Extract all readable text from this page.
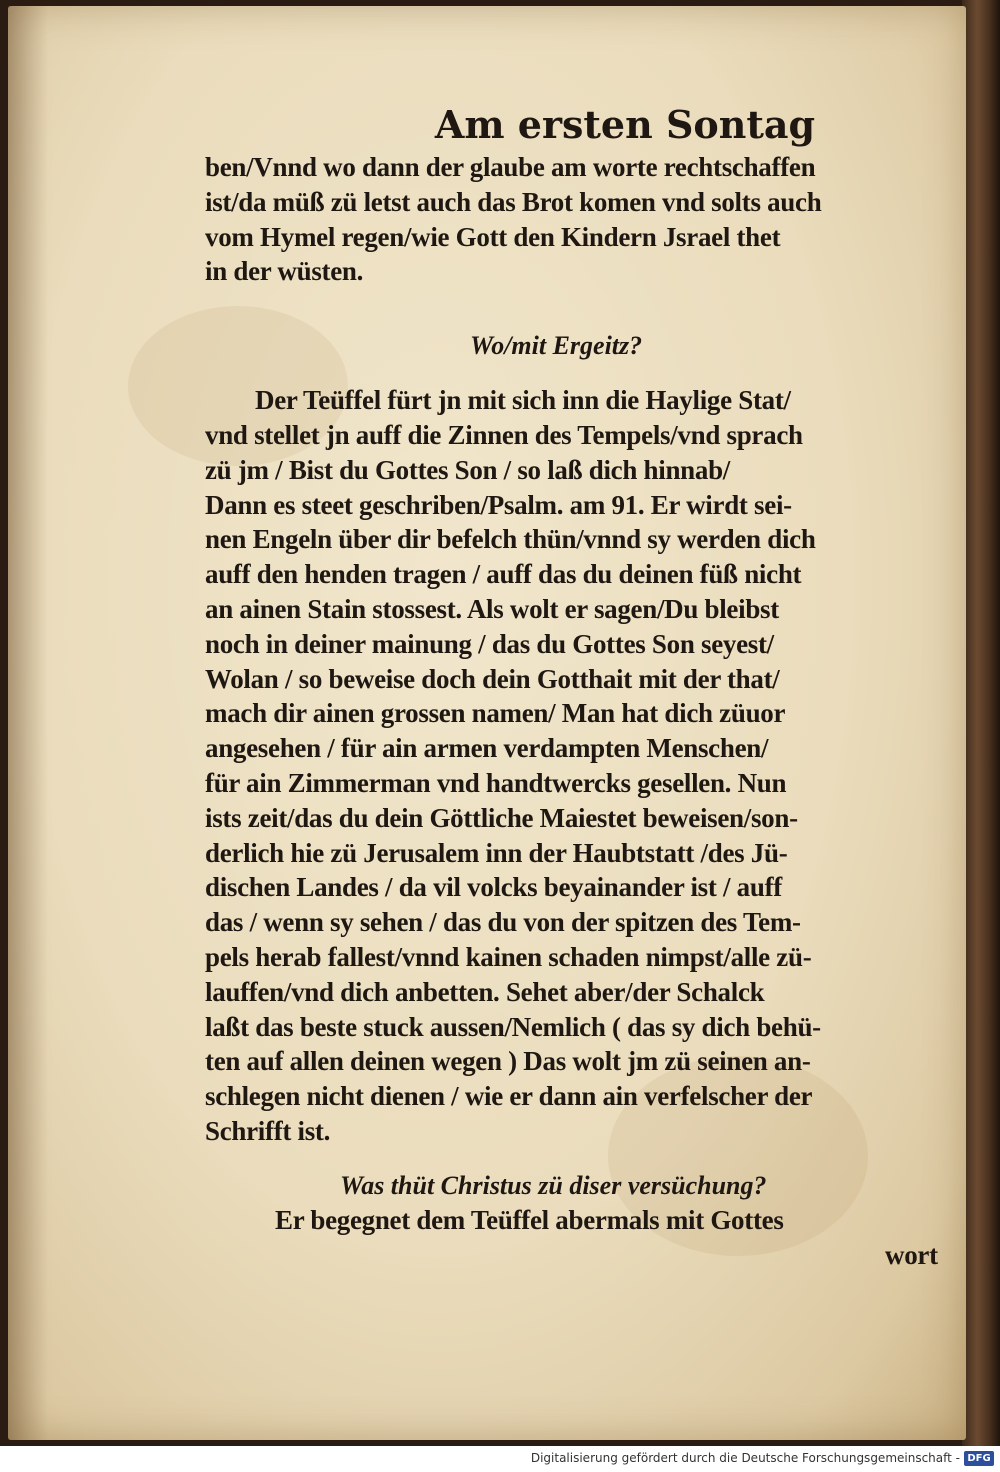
Am ersten Sontag
ben/Vnnd wo dann der glaube am worte rechtschaffen
ist/da müß zü letst auch das Brot komen vnd solts auch
vom Hymel regen/wie Gott den Kindern Jsrael thet
in der wüsten.
Wo/mit Ergeitz?
Der Teüffel fürt jn mit sich inn die Haylige Stat/
vnd stellet jn auff die Zinnen des Tempels/vnd sprach
zü jm / Bist du Gottes Son / so laß dich hinnab/
Dann es steet geschriben/Psalm. am 91. Er wirdt sei-
nen Engeln über dir befelch thün/vnnd sy werden dich
auff den henden tragen / auff das du deinen füß nicht
an ainen Stain stossest. Als wolt er sagen/Du bleibst
noch in deiner mainung / das du Gottes Son seyest/
Wolan / so beweise doch dein Gotthait mit der that/
mach dir ainen grossen namen/ Man hat dich züuor
angesehen / für ain armen verdampten Menschen/
für ain Zimmerman vnd handtwercks gesellen. Nun
ists zeit/das du dein Göttliche Maiestet beweisen/son-
derlich hie zü Jerusalem inn der Haubtstatt /des Jü-
dischen Landes / da vil volcks beyainander ist / auff
das / wenn sy sehen / das du von der spitzen des Tem-
pels herab fallest/vnnd kainen schaden nimpst/alle zü-
lauffen/vnd dich anbetten. Sehet aber/der Schalck
laßt das beste stuck aussen/Nemlich ( das sy dich behü-
ten auf allen deinen wegen ) Das wolt jm zü seinen an-
schlegen nicht dienen / wie er dann ain verfelscher der
Schrifft ist.
Was thüt Christus zü diser versüchung?
Er begegnet dem Teüffel abermals mit Gottes
wort
Digitalisierung gefördert durch die Deutsche Forschungsgemeinschaft - DFG
